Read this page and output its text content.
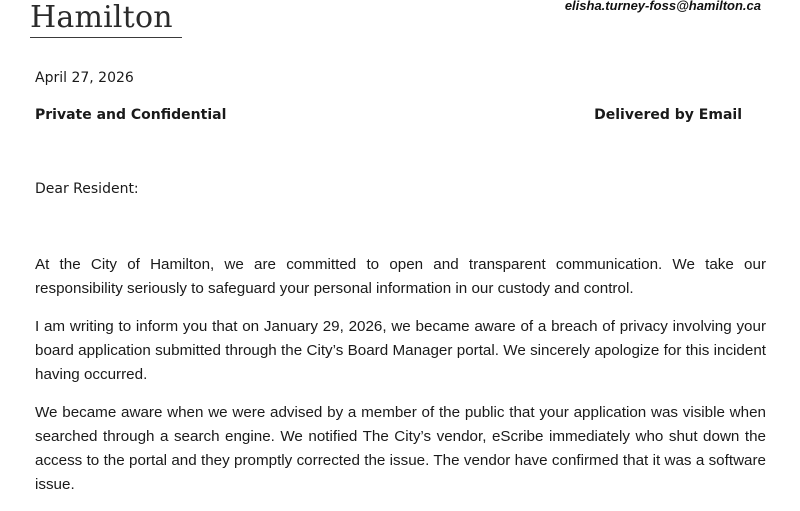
Hamilton	elisha.turney-foss@hamilton.ca
April 27, 2026
Private and Confidential	Delivered by Email
Dear Resident:

At the City of Hamilton, we are committed to open and transparent communication. We take our responsibility seriously to safeguard your personal information in our custody and control.

I am writing to inform you that on January 29, 2026, we became aware of a breach of privacy involving your board application submitted through the City’s Board Manager portal. We sincerely apologize for this incident having occurred.

We became aware when we were advised by a member of the public that your application was visible when searched through a search engine. We notified The City’s vendor, eScribe immediately who shut down the access to the portal and they promptly corrected the issue. The vendor have confirmed that it was a software issue.
